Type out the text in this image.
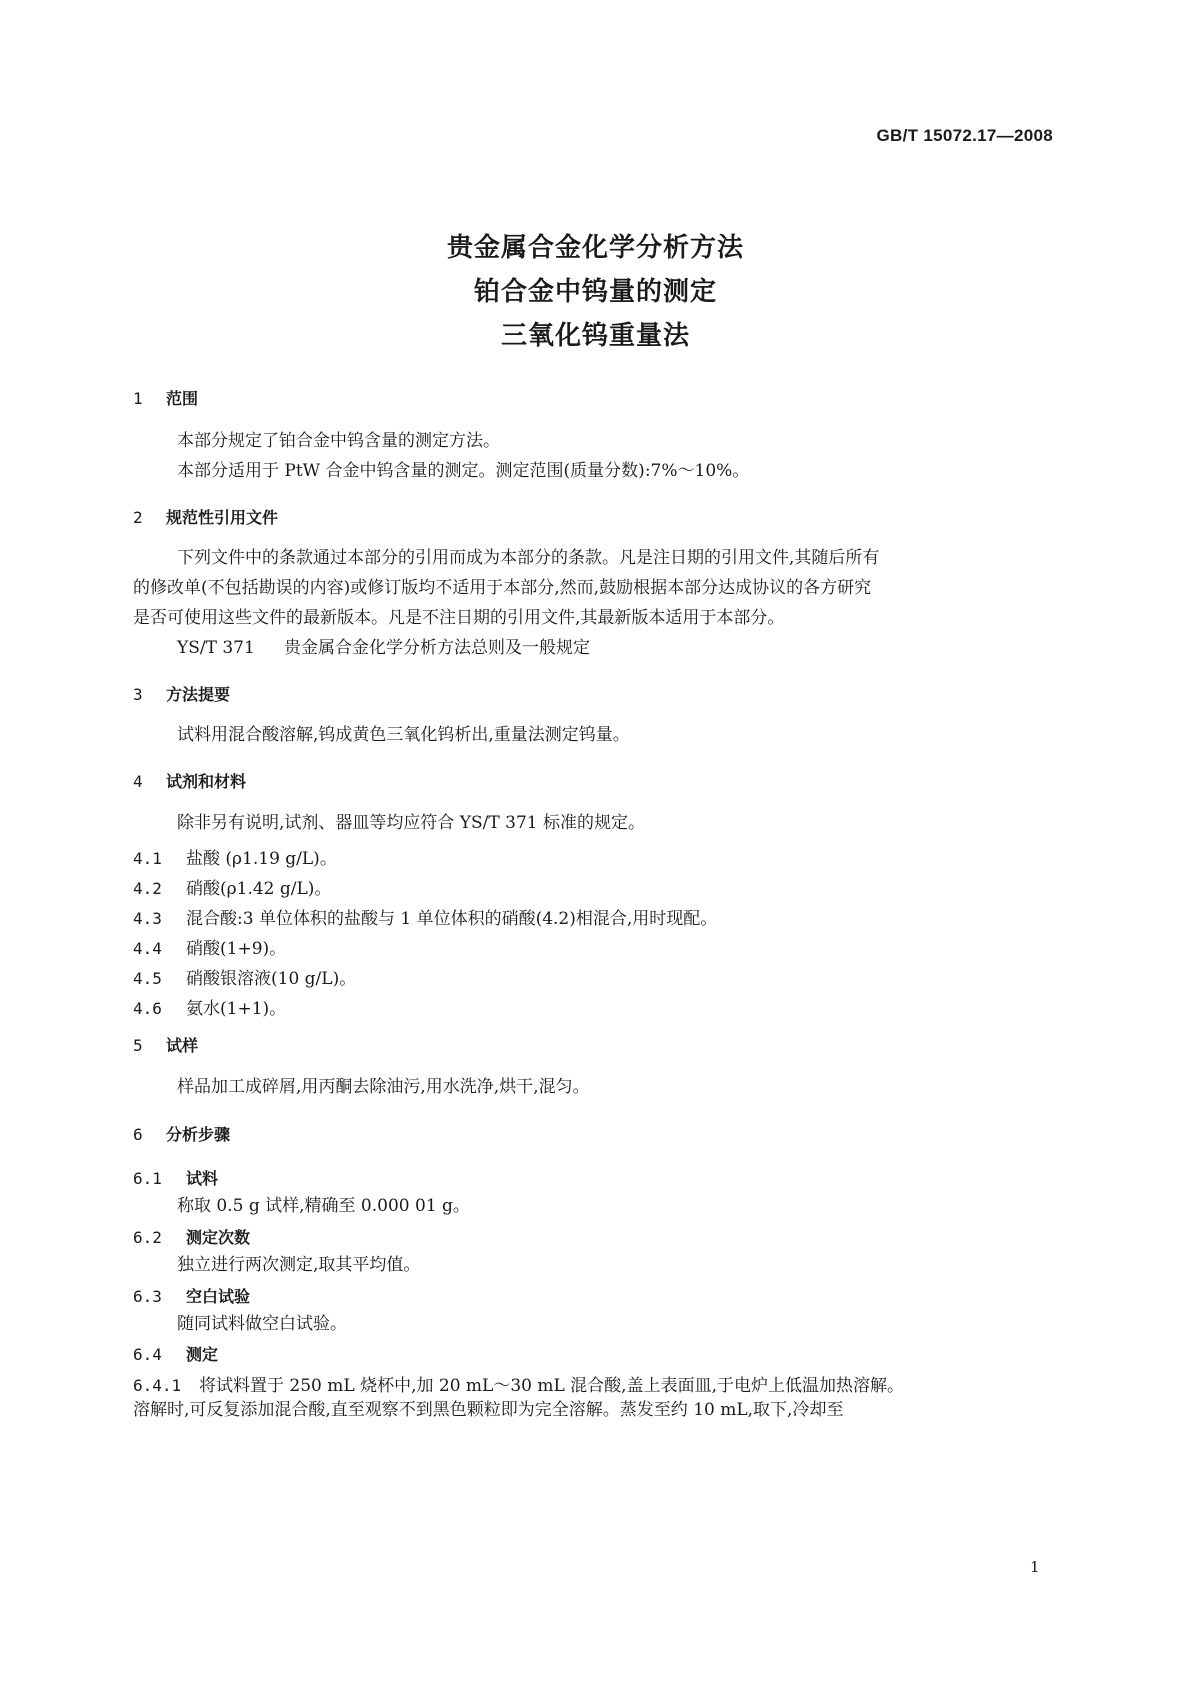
GB/T 15072.17—2008
贵金属合金化学分析方法
铂合金中钨量的测定
三氧化钨重量法
1 范围
本部分规定了铂合金中钨含量的测定方法。
本部分适用于 PtW 合金中钨含量的测定。测定范围(质量分数):7%～10%。
2 规范性引用文件
下列文件中的条款通过本部分的引用而成为本部分的条款。凡是注日期的引用文件,其随后所有
的修改单(不包括勘误的内容)或修订版均不适用于本部分,然而,鼓励根据本部分达成协议的各方研究
是否可使用这些文件的最新版本。凡是不注日期的引用文件,其最新版本适用于本部分。
YS/T 371 贵金属合金化学分析方法总则及一般规定
3 方法提要
试料用混合酸溶解,钨成黄色三氧化钨析出,重量法测定钨量。
4 试剂和材料
除非另有说明,试剂、器皿等均应符合 YS/T 371 标准的规定。
4.1 盐酸 (ρ1.19 g/L)。
4.2 硝酸(ρ1.42 g/L)。
4.3 混合酸:3 单位体积的盐酸与 1 单位体积的硝酸(4.2)相混合,用时现配。
4.4 硝酸(1+9)。
4.5 硝酸银溶液(10 g/L)。
4.6 氨水(1+1)。
5 试样
样品加工成碎屑,用丙酮去除油污,用水洗净,烘干,混匀。
6 分析步骤
6.1 试料
称取 0.5 g 试样,精确至 0.000 01 g。
6.2 测定次数
独立进行两次测定,取其平均值。
6.3 空白试验
随同试料做空白试验。
6.4 测定
6.4.1 将试料置于 250 mL 烧杯中,加 20 mL～30 mL 混合酸,盖上表面皿,于电炉上低温加热溶解。
溶解时,可反复添加混合酸,直至观察不到黑色颗粒即为完全溶解。蒸发至约 10 mL,取下,冷却至
1
